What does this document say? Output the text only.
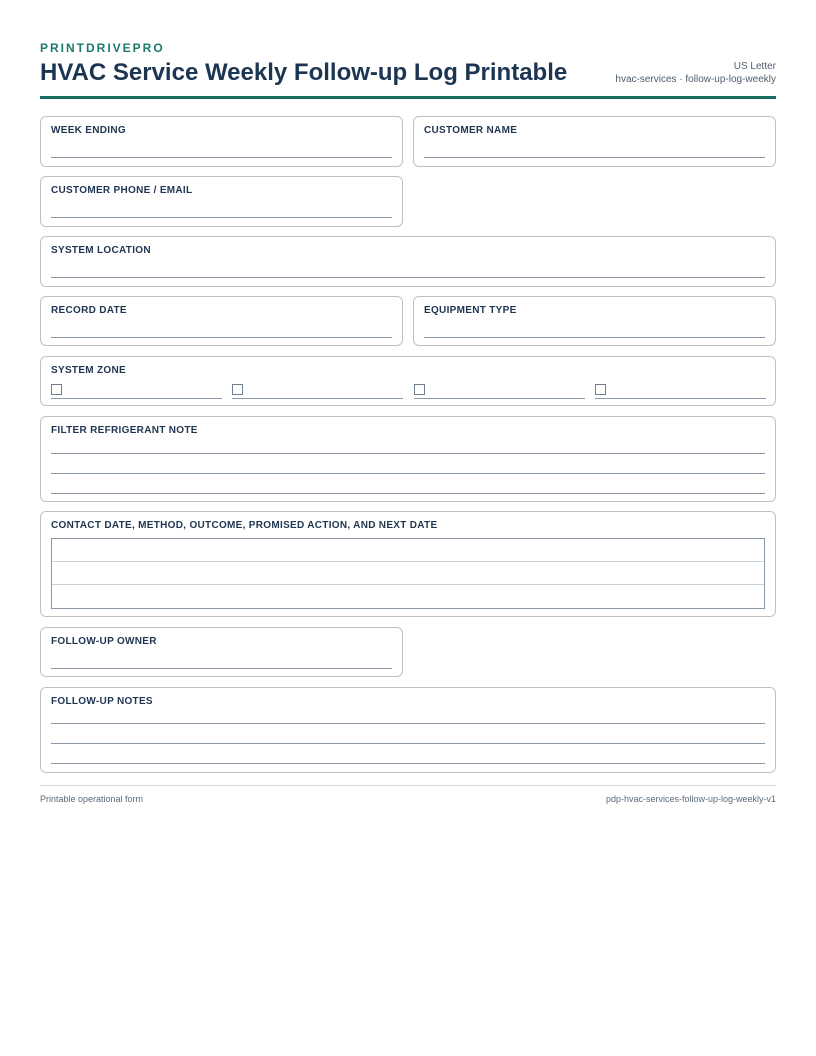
PRINTDRIVEPRO
HVAC Service Weekly Follow-up Log Printable	US Letter
hvac-services · follow-up-log-weekly
WEEK ENDING	CUSTOMER NAME
CUSTOMER PHONE / EMAIL
SYSTEM LOCATION
RECORD DATE	EQUIPMENT TYPE
SYSTEM ZONE
FILTER REFRIGERANT NOTE
CONTACT DATE, METHOD, OUTCOME, PROMISED ACTION, AND NEXT DATE
FOLLOW-UP OWNER
FOLLOW-UP NOTES
Printable operational form	pdp-hvac-services-follow-up-log-weekly-v1
